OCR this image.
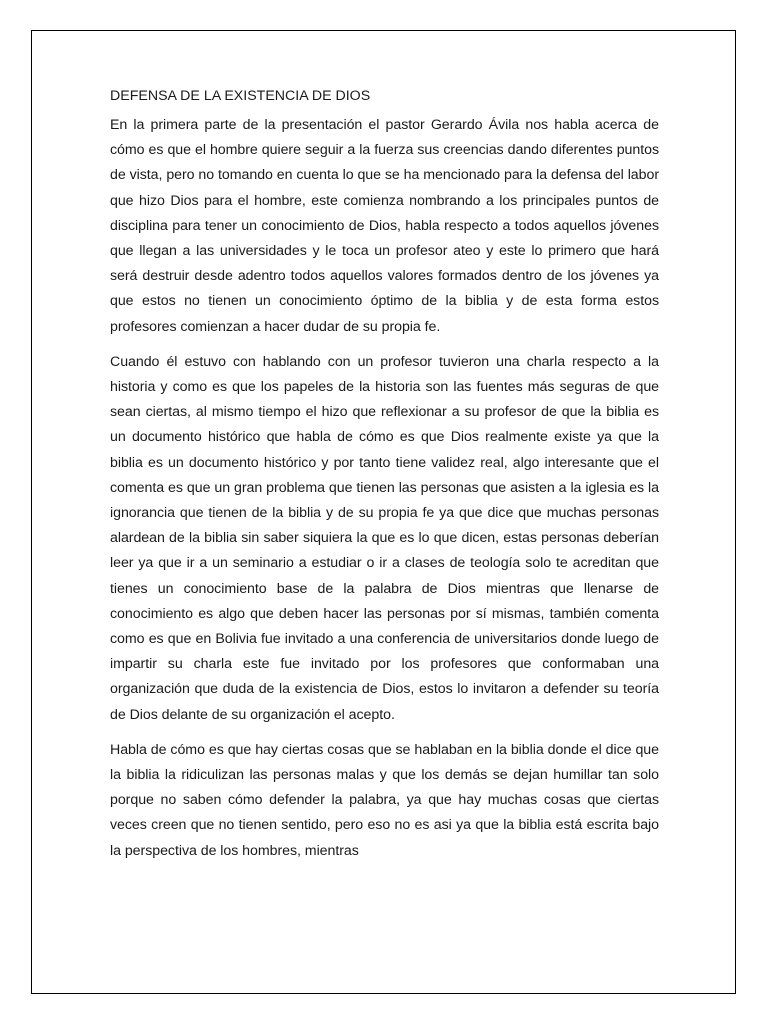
DEFENSA DE LA EXISTENCIA DE DIOS

En la primera parte de la presentación el pastor Gerardo Ávila nos habla acerca de cómo es que el hombre quiere seguir a la fuerza sus creencias dando diferentes puntos de vista, pero no tomando en cuenta lo que se ha mencionado para la defensa del labor que hizo Dios para el hombre, este comienza nombrando a los principales puntos de disciplina para tener un conocimiento de Dios, habla respecto a todos aquellos jóvenes que llegan a las universidades y le toca un profesor ateo y este lo primero que hará será destruir desde adentro todos aquellos valores formados dentro de los jóvenes ya que estos no tienen un conocimiento óptimo de la biblia y de esta forma estos profesores comienzan a hacer dudar de su propia fe.

Cuando él estuvo con hablando con un profesor tuvieron una charla respecto a la historia y como es que los papeles de la historia son las fuentes más seguras de que sean ciertas, al mismo tiempo el hizo que reflexionar a su profesor de que la biblia es un documento histórico que habla de cómo es que Dios realmente existe ya que la biblia es un documento histórico y por tanto tiene validez real, algo interesante que el comenta es que un gran problema que tienen las personas que asisten a la iglesia es la ignorancia que tienen de la biblia y de su propia fe ya que dice que muchas personas alardean de la biblia sin saber siquiera la que es lo que dicen, estas personas deberían leer ya que ir a un seminario a estudiar o ir a clases de teología solo te acreditan que tienes un conocimiento base de la palabra de Dios mientras que llenarse de conocimiento es algo que deben hacer las personas por sí mismas, también comenta como es que en Bolivia fue invitado a una conferencia de universitarios donde luego de impartir su charla este fue invitado por los profesores que conformaban una organización que duda de la existencia de Dios, estos lo invitaron a defender su teoría de Dios delante de su organización el acepto.

Habla de cómo es que hay ciertas cosas que se hablaban en la biblia donde el dice que la biblia la ridiculizan las personas malas y que los demás se dejan humillar tan solo porque no saben cómo defender la palabra, ya que hay muchas cosas que ciertas veces creen que no tienen sentido, pero eso no es asi ya que la biblia está escrita bajo la perspectiva de los hombres, mientras
